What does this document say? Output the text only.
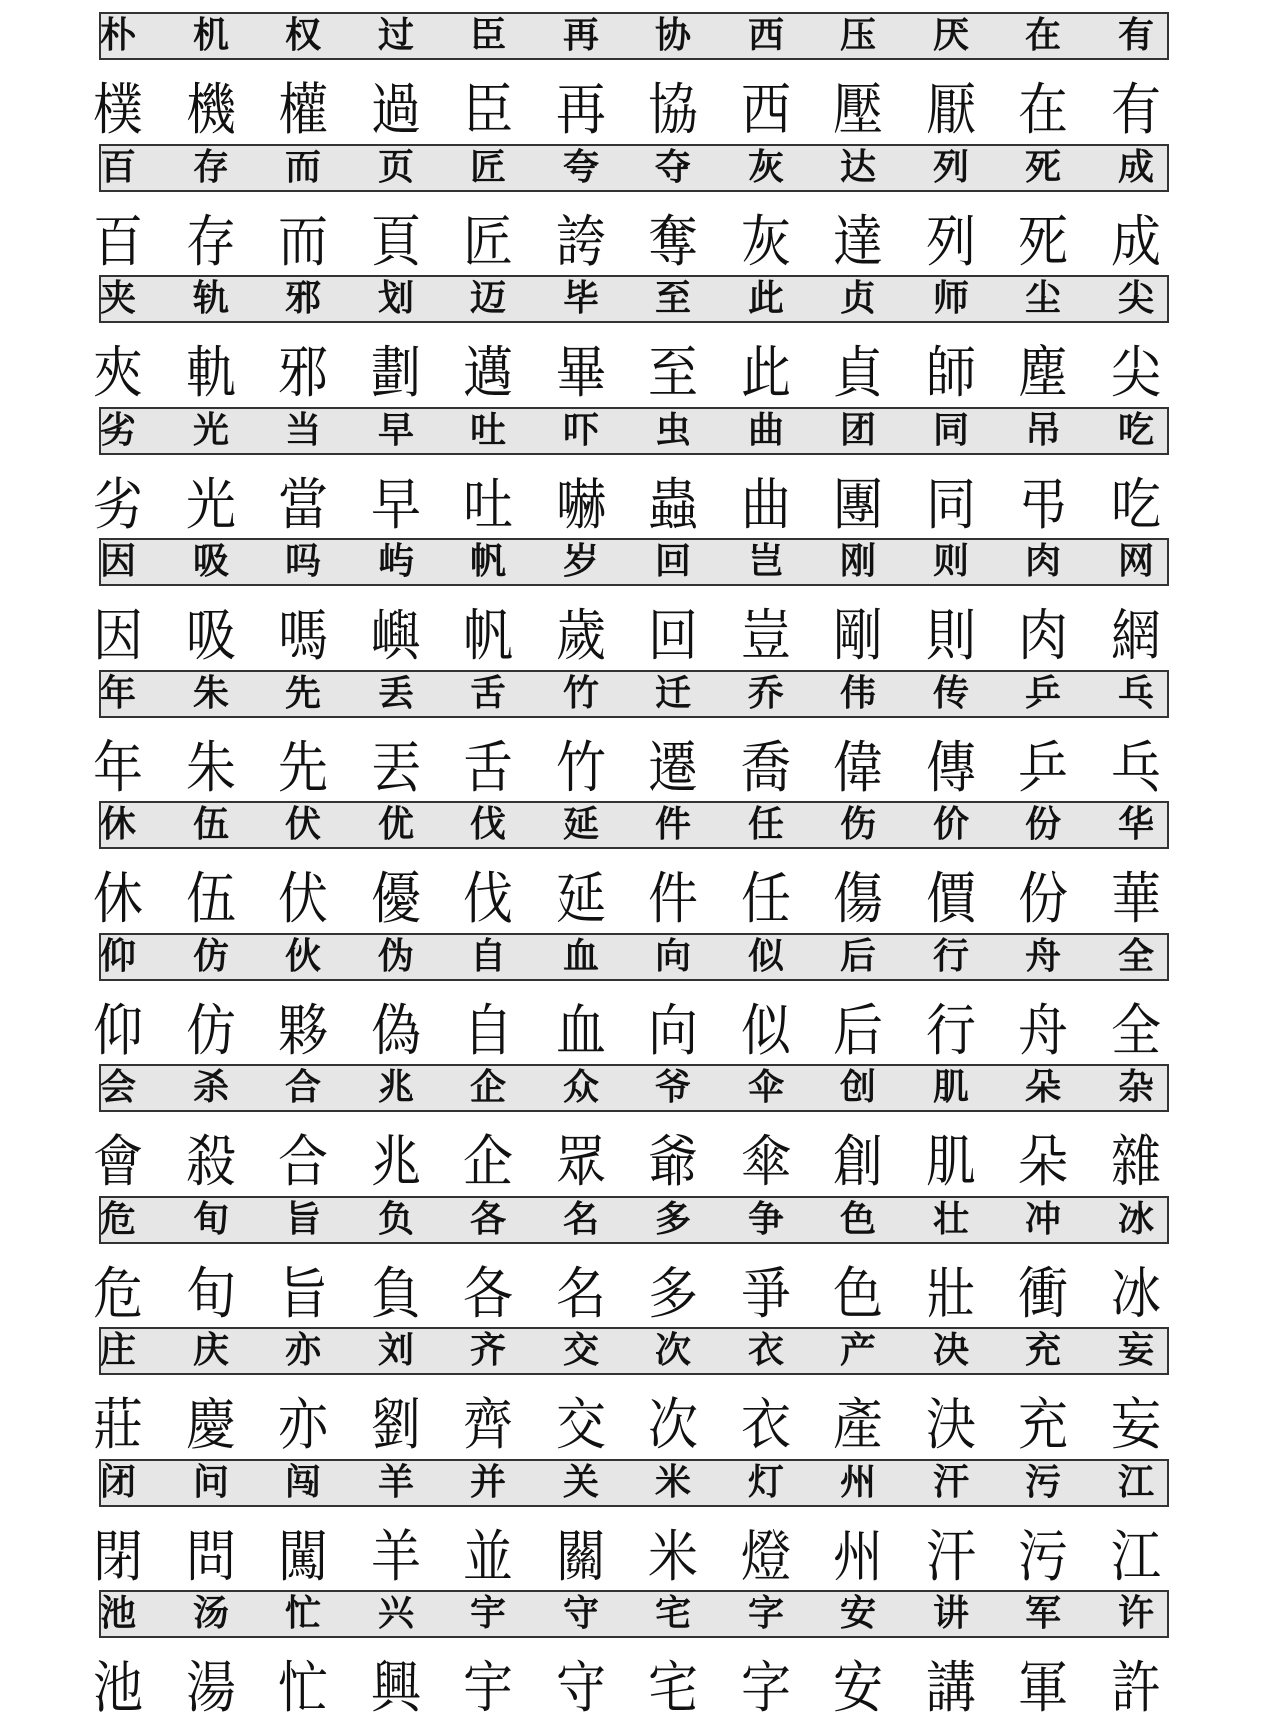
朴	机	权	过	臣	再	协	西	压	厌	在	有
樸 機 權 過 臣 再 協 西 壓 厭 在 有
百	存	而	页	匠	夸	夺	灰	达	列	死	成
百 存 而 頁 匠 誇 奪 灰 達 列 死 成
夹	轨	邪	划	迈	毕	至	此	贞	师	尘	尖
夾 軌 邪 劃 邁 畢 至 此 貞 師 塵 尖
劣	光	当	早	吐	吓	虫	曲	团	同	吊	吃
劣 光 當 早 吐 嚇 蟲 曲 團 同 弔 吃
因	吸	吗	屿	帆	岁	回	岂	刚	则	肉	网
因 吸 嗎 嶼 帆 歲 回 豈 剛 則 肉 網
年	朱	先	丢	舌	竹	迁	乔	伟	传	乒	乓
年 朱 先 丟 舌 竹 遷 喬 偉 傳 乒 乓
休	伍	伏	优	伐	延	件	任	伤	价	份	华
休 伍 伏 優 伐 延 件 任 傷 價 份 華
仰	仿	伙	伪	自	血	向	似	后	行	舟	全
仰 仿 夥 偽 自 血 向 似 后 行 舟 全
会	杀	合	兆	企	众	爷	伞	创	肌	朵	杂
會 殺 合 兆 企 眾 爺 傘 創 肌 朵 雜
危	旬	旨	负	各	名	多	争	色	壮	冲	冰
危 旬 旨 負 各 名 多 爭 色 壯 衝 冰
庄	庆	亦	刘	齐	交	次	衣	产	决	充	妄
莊 慶 亦 劉 齊 交 次 衣 產 決 充 妄
闭	问	闯	羊	并	关	米	灯	州	汗	污	江
閉 問 闖 羊 並 關 米 燈 州 汗 污 江
池	汤	忙	兴	宇	守	宅	字	安	讲	军	许
池 湯 忙 興 宇 守 宅 字 安 講 軍 許
